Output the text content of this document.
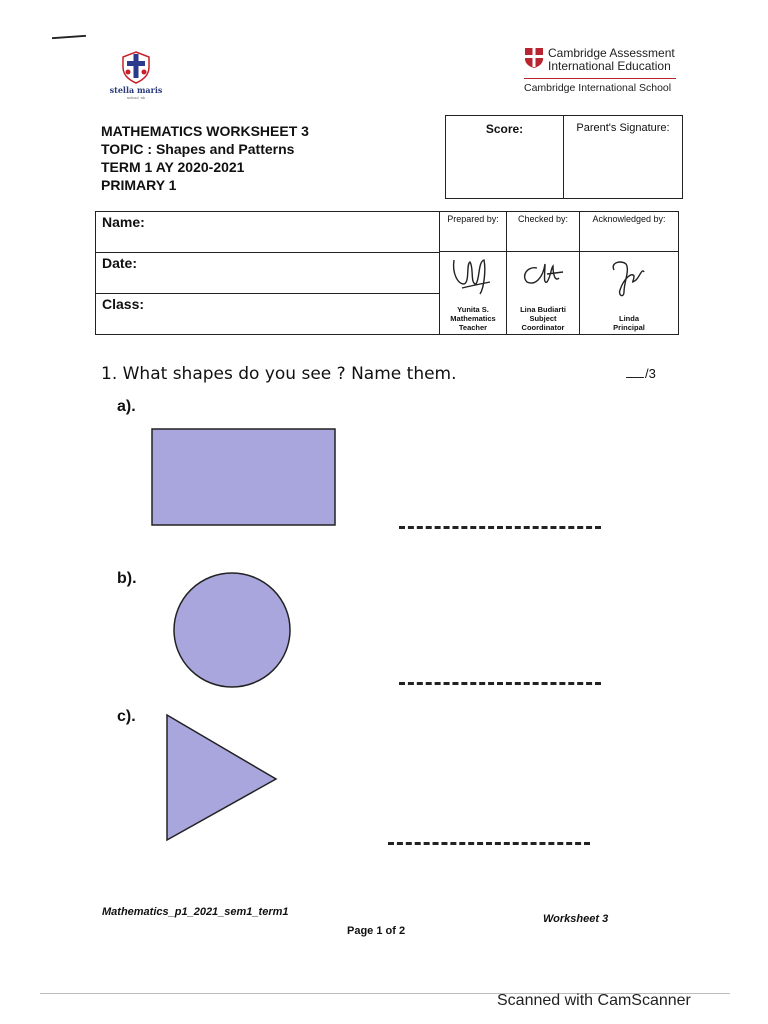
stella maris
school ·sk
Cambridge Assessment
International Education
Cambridge International School
MATHEMATICS WORKSHEET 3
TOPIC : Shapes and Patterns
TERM 1 AY 2020-2021
PRIMARY 1
Score:	Parent's Signature:
Name:
Date:
Class:
Prepared by:
Yunita S.
Mathematics Teacher
Checked by:
Lina Budiarti
Subject Coordinator
Acknowledged by:
Linda
Principal
1. What shapes do you see ? Name them.	/3
a).
b).
c).
Mathematics_p1_2021_sem1_term1
Worksheet 3
Page 1 of 2
Scanned with CamScanner
